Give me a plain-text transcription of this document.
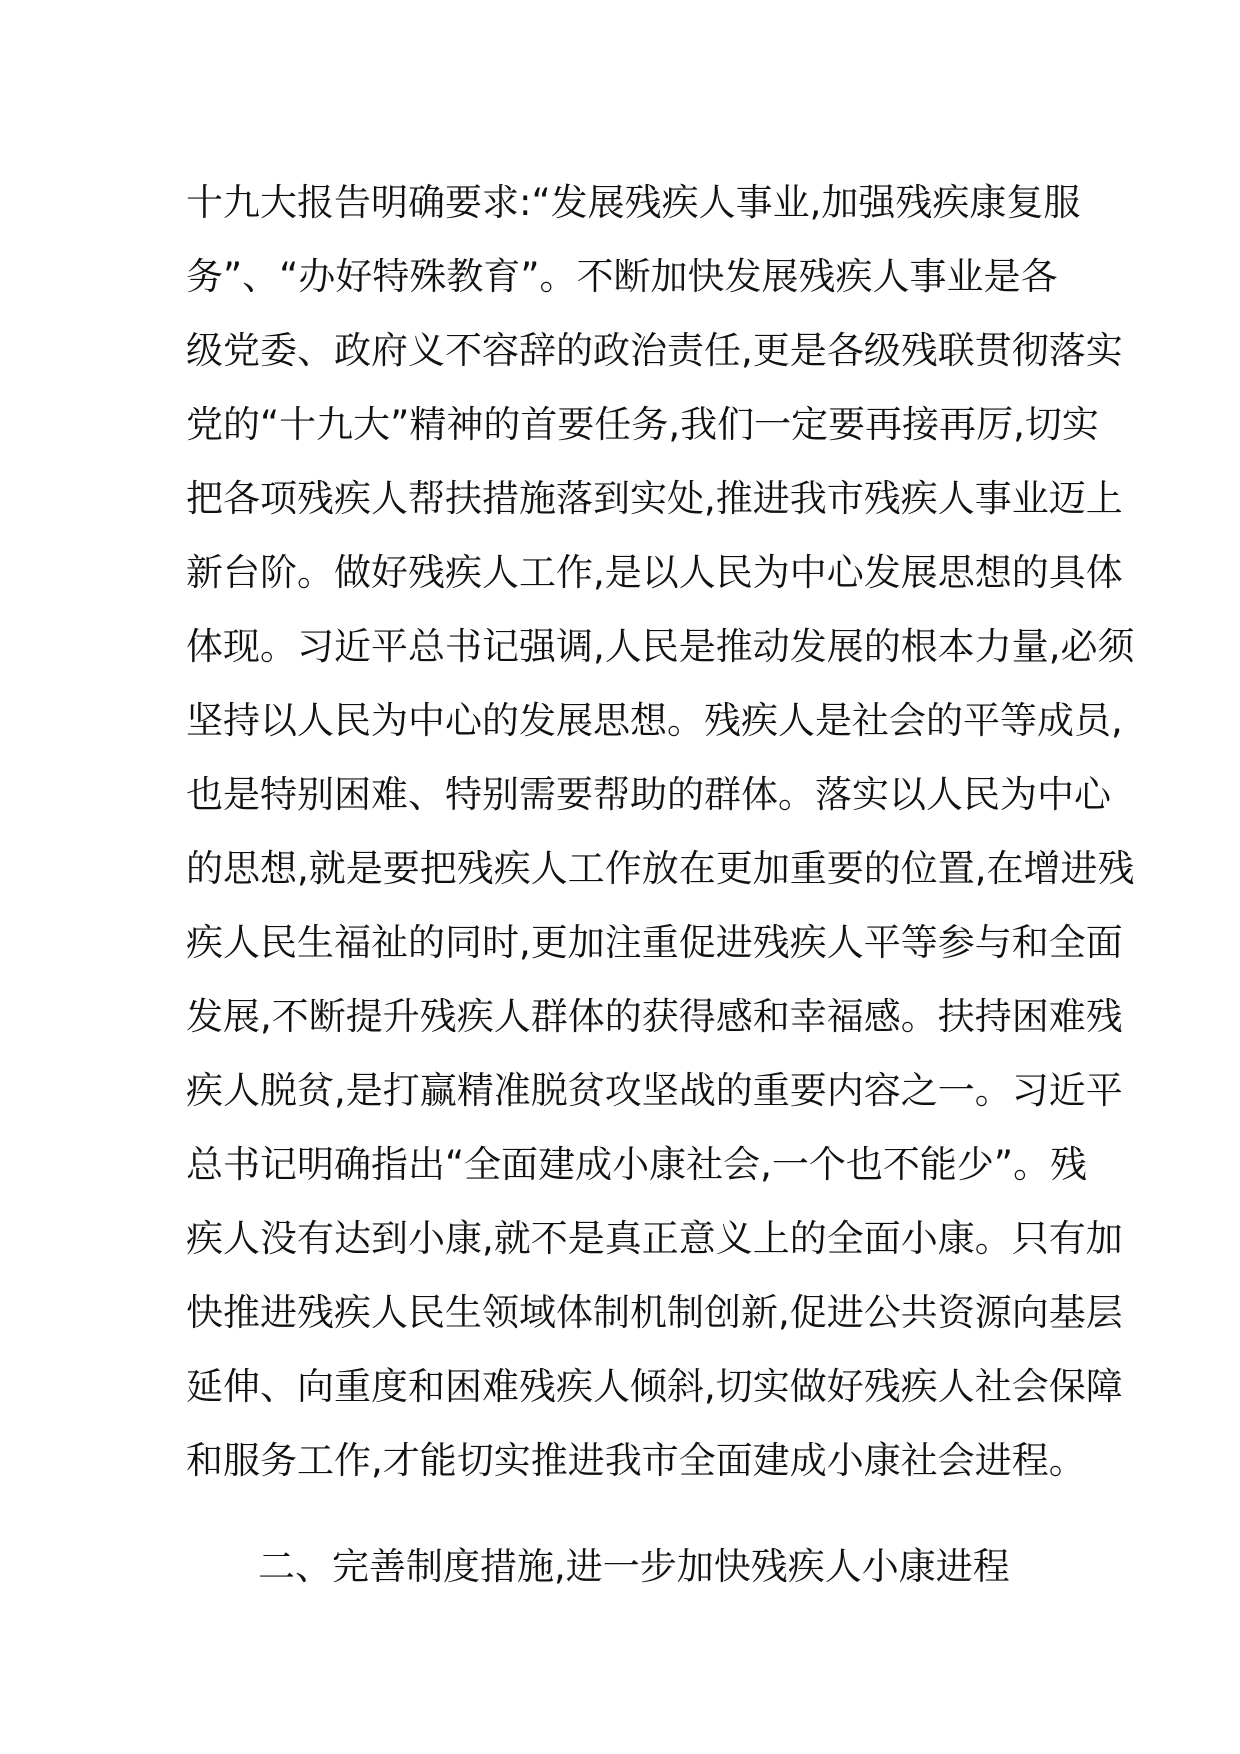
十九大报告明确要求:“发展残疾人事业,加强残疾康复服
务”、“办好特殊教育”。不断加快发展残疾人事业是各
级党委、政府义不容辞的政治责任,更是各级残联贯彻落实
党的“十九大”精神的首要任务,我们一定要再接再厉,切实
把各项残疾人帮扶措施落到实处,推进我市残疾人事业迈上
新台阶。做好残疾人工作,是以人民为中心发展思想的具体
体现。习近平总书记强调,人民是推动发展的根本力量,必须
坚持以人民为中心的发展思想。残疾人是社会的平等成员,
也是特别困难、特别需要帮助的群体。落实以人民为中心
的思想,就是要把残疾人工作放在更加重要的位置,在增进残
疾人民生福祉的同时,更加注重促进残疾人平等参与和全面
发展,不断提升残疾人群体的获得感和幸福感。扶持困难残
疾人脱贫,是打赢精准脱贫攻坚战的重要内容之一。习近平
总书记明确指出“全面建成小康社会,一个也不能少”。残
疾人没有达到小康,就不是真正意义上的全面小康。只有加
快推进残疾人民生领域体制机制创新,促进公共资源向基层
延伸、向重度和困难残疾人倾斜,切实做好残疾人社会保障
和服务工作,才能切实推进我市全面建成小康社会进程。
二、完善制度措施,进一步加快残疾人小康进程
